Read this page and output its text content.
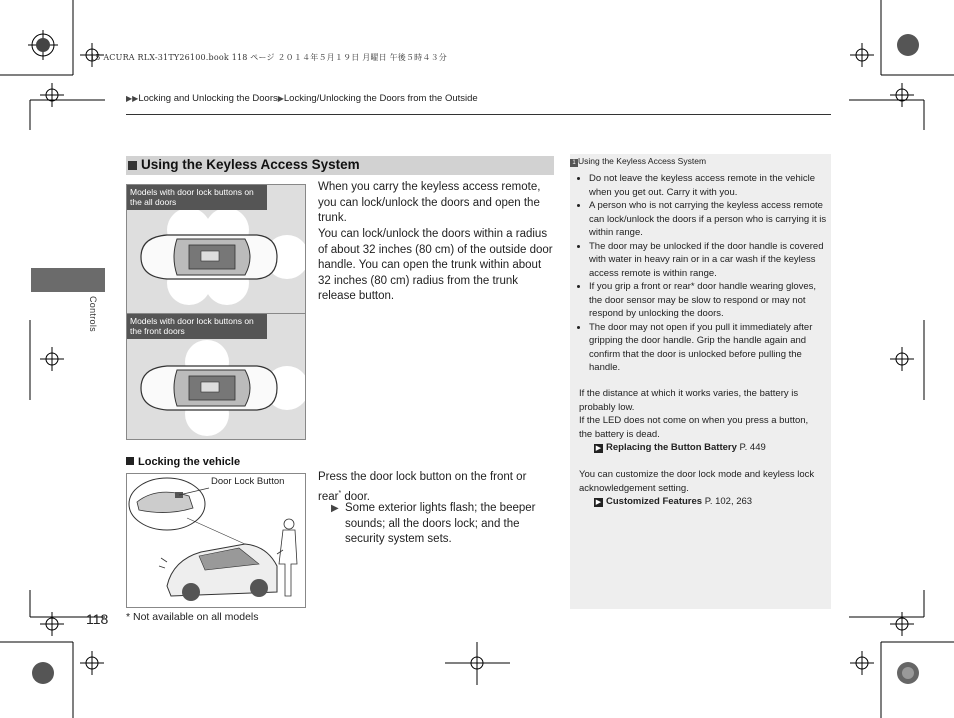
15 ACURA RLX-31TY26100.book 118 ページ ２０１４年５月１９日 月曜日 午後５時４３分
▶▶Locking and Unlocking the Doors▶Locking/Unlocking the Doors from the Outside
Controls
Using the Keyless Access System
Models with door lock buttons on the all doors
Models with door lock buttons on the front doors
When you carry the keyless access remote, you can lock/unlock the doors and open the trunk.
You can lock/unlock the doors within a radius of about 32 inches (80 cm) of the outside door handle. You can open the trunk within about 32 inches (80 cm) radius from the trunk release button.
Locking the vehicle
Door Lock Button	Press the door lock button on the front or rear* door.
▶ Some exterior lights flash; the beeper sounds; all the doors lock; and the security system sets.
1 Using the Keyless Access System
• Do not leave the keyless access remote in the vehicle when you get out. Carry it with you.
• A person who is not carrying the keyless access remote can lock/unlock the doors if a person who is carrying it is within range.
• The door may be unlocked if the door handle is covered with water in heavy rain or in a car wash if the keyless access remote is within range.
• If you grip a front or rear* door handle wearing gloves, the door sensor may be slow to respond or may not respond by unlocking the doors.
• The door may not open if you pull it immediately after gripping the door handle. Grip the handle again and confirm that the door is unlocked before pulling the handle.
If the distance at which it works varies, the battery is probably low.
If the LED does not come on when you press a button, the battery is dead.
▶ Replacing the Button Battery P. 449
You can customize the door lock mode and keyless lock acknowledgement setting.
▶ Customized Features P. 102, 263
118 * Not available on all models
